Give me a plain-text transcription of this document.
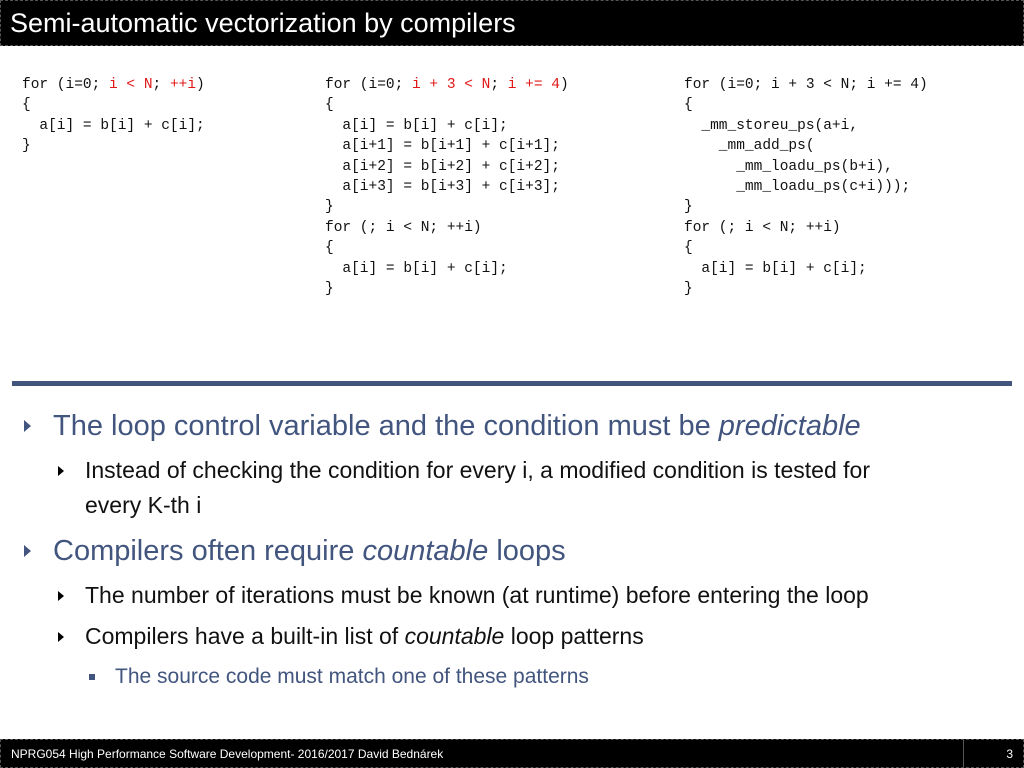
Semi-automatic vectorization by compilers
for (i=0; i < N; ++i)
{
a[i] = b[i] + c[i];
}
for (i=0; i + 3 < N; i += 4)
{
a[i] = b[i] + c[i];
a[i+1] = b[i+1] + c[i+1];
a[i+2] = b[i+2] + c[i+2];
a[i+3] = b[i+3] + c[i+3];
}
for (; i < N; ++i)
{
a[i] = b[i] + c[i];
}
for (i=0; i + 3 < N; i += 4)
{
_mm_storeu_ps(a+i,
_mm_add_ps(
_mm_loadu_ps(b+i),
_mm_loadu_ps(c+i)));
}
for (; i < N; ++i)
{
a[i] = b[i] + c[i];
}
The loop control variable and the condition must be predictable
Instead of checking the condition for every i, a modified condition is tested for
every K-th i
Compilers often require countable loops
The number of iterations must be known (at runtime) before entering the loop
Compilers have a built-in list of countable loop patterns
The source code must match one of these patterns
NPRG054 High Performance Software Development- 2016/2017 David Bednárek	3
